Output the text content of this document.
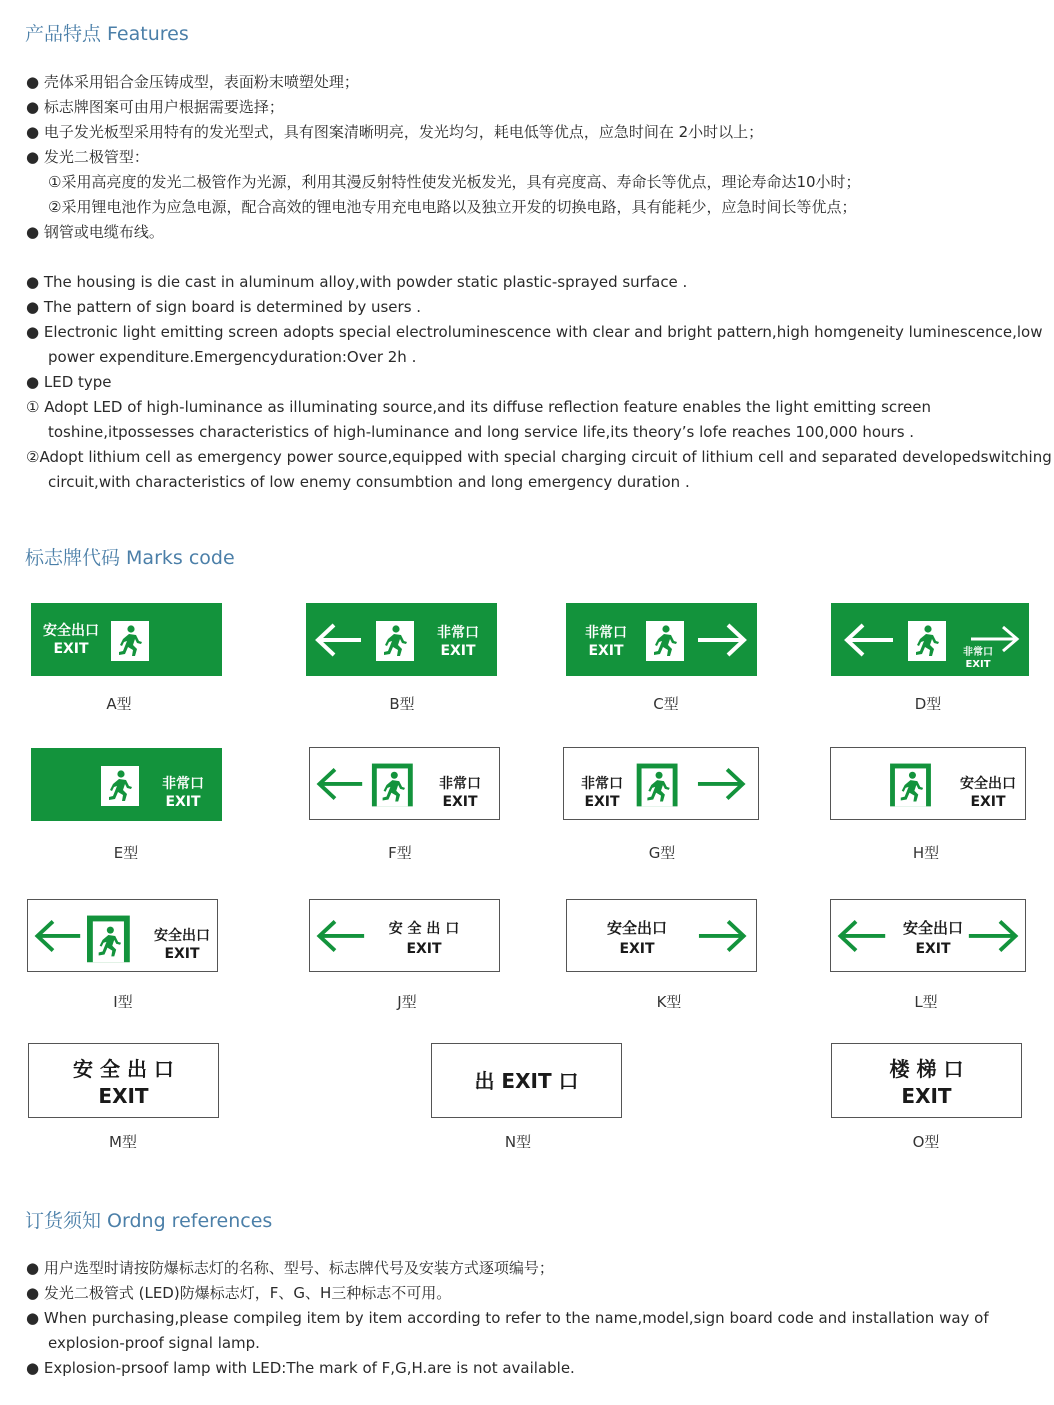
产品特点 Features
● 壳体采用铝合金压铸成型，表面粉末喷塑处理；
● 标志牌图案可由用户根据需要选择；
● 电子发光板型采用特有的发光型式，具有图案清晰明亮，发光均匀，耗电低等优点，应急时间在 2小时以上；
● 发光二极管型：
①采用高亮度的发光二极管作为光源，利用其漫反射特性使发光板发光，具有亮度高、寿命长等优点，理论寿命达10小时；
②采用锂电池作为应急电源，配合高效的锂电池专用充电电路以及独立开发的切换电路，具有能耗少，应急时间长等优点；
● 钢管或电缆布线。
● The housing is die cast in aluminum alloy,with powder static plastic-sprayed surface .
● The pattern of sign board is determined by users .
● Electronic light emitting screen adopts special electroluminescence with clear and bright pattern,high homgeneity luminescence,low
power expenditure.Emergencyduration:Over 2h .
● LED type
① Adopt LED of high-luminance as illuminating source,and its diffuse reflection feature enables the light emitting screen
toshine,itpossesses characteristics of high-luminance and long service life,its theory’s lofe reaches 100,000 hours .
②Adopt lithium cell as emergency power source,equipped with special charging circuit of lithium cell and separated developedswitching
circuit,with characteristics of low enemy consumbtion and long emergency duration .
标志牌代码 Marks code
安全出口
EXIT
A型
非常口
EXIT
B型
非常口
EXIT
C型
非常口
EXIT
D型
非常口
EXIT
E型
非常口
EXIT
F型
非常口
EXIT
G型
安全出口
EXIT
H型
安全出口
EXIT
I型
安 全 出 口
EXIT
J型
安全出口
EXIT
K型
安全出口
EXIT
L型
安 全 出 口
EXIT
M型
出 EXIT 口
N型
楼 梯 口
EXIT
O型
订货须知 Ordng references
● 用户选型时请按防爆标志灯的名称、型号、标志牌代号及安装方式逐项编号；
● 发光二极管式 (LED)防爆标志灯，F、G、H三种标志不可用。
● When purchasing,please compileg item by item according to refer to the name,model,sign board code and installation way of
explosion-proof signal lamp.
● Explosion-prsoof lamp with LED:The mark of F,G,H.are is not available.
